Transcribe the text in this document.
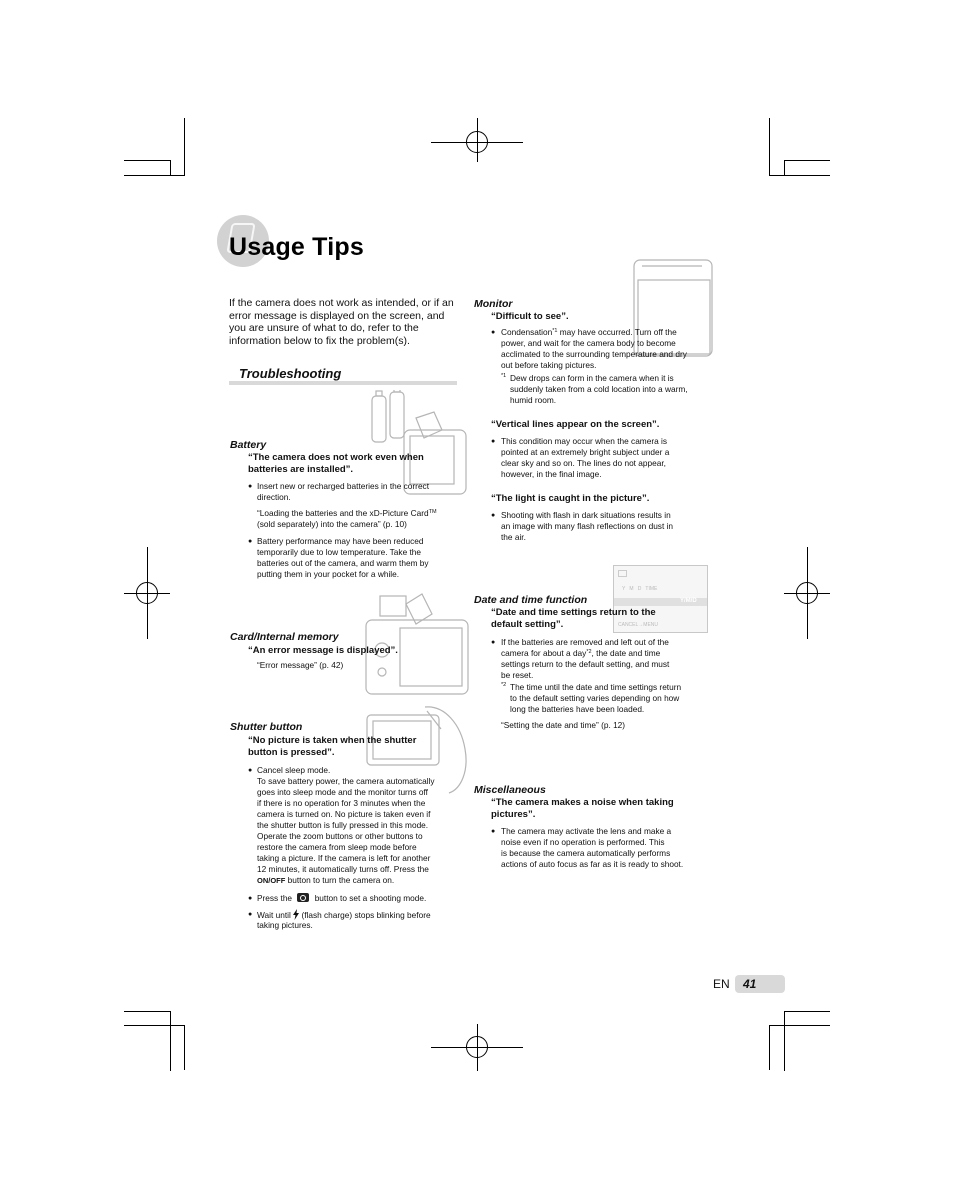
Usage Tips
If the camera does not work as intended, or if an error message is displayed on the screen, and you are unsure of what to do, refer to the information below to fix the problem(s).
Troubleshooting
Y   M   D   TIME
Y/M/D
CANCEL→MENU
Battery
“The camera does not work even when
batteries are installed”.
● Insert new or recharged batteries in the correct
direction.
“Loading the batteries and the xD-Picture Card™
(sold separately) into the camera” (p. 10)
● Battery performance may have been reduced
temporarily due to low temperature. Take the
batteries out of the camera, and warm them by
putting them in your pocket for a while.
Card/Internal memory
“An error message is displayed”.
“Error message” (p. 42)
Shutter button
“No picture is taken when the shutter
button is pressed”.
● Cancel sleep mode.
To save battery power, the camera automatically
goes into sleep mode and the monitor turns off
if there is no operation for 3 minutes when the
camera is turned on. No picture is taken even if
the shutter button is fully pressed in this mode.
Operate the zoom buttons or other buttons to
restore the camera from sleep mode before
taking a picture. If the camera is left for another
12 minutes, it automatically turns off. Press the
ON/OFF button to turn the camera on.
● Press the	button to set a shooting mode.
● Wait until (flash charge) stops blinking before
taking pictures.
Monitor
“Difficult to see”.
● Condensation$^{*1}$ may have occurred. Turn off the
power, and wait for the camera body to become
acclimated to the surrounding temperature and dry
out before taking pictures.
*1 Dew drops can form in the camera when it is
suddenly taken from a cold location into a warm,
humid room.
“Vertical lines appear on the screen”.
● This condition may occur when the camera is
pointed at an extremely bright subject under a
clear sky and so on. The lines do not appear,
however, in the final image.
“The light is caught in the picture”.
● Shooting with flash in dark situations results in
an image with many flash reflections on dust in
the air.
Date and time function
“Date and time settings return to the
default setting”.
● If the batteries are removed and left out of the
camera for about a day$^{*2}$, the date and time
settings return to the default setting, and must
be reset.
*2 The time until the date and time settings return
to the default setting varies depending on how
long the batteries have been loaded.
“Setting the date and time” (p. 12)
Miscellaneous
“The camera makes a noise when taking
pictures”.
● The camera may activate the lens and make a
noise even if no operation is performed. This
is because the camera automatically performs
actions of auto focus as far as it is ready to shoot.
EN 41
